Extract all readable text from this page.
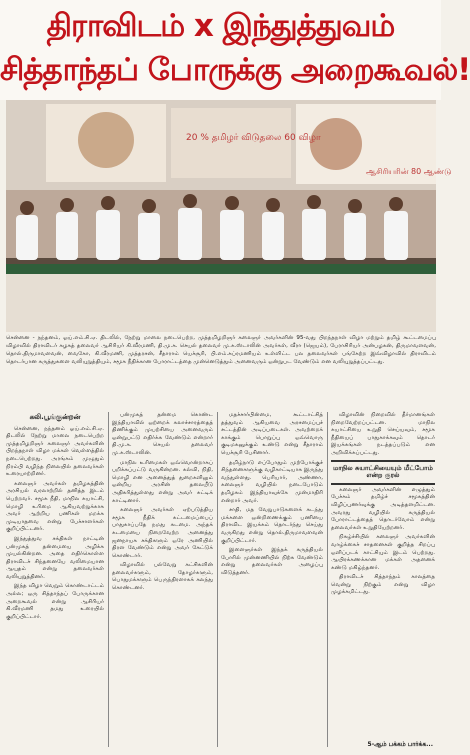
திராவிடம் x இந்துத்துவம்
சித்தாந்தப் போருக்கு அறைகூவல்!
20 % தமிழர் விடுதலை 60 விழா
ஆசிரியரின் 80 ஆண்டு
சென்னை - நந்தனம், ஓய்.எம்.சி.ஏ. திடலில், நேற்று மாலை நடைபெற்ற, முத்தமிழறிஞர் கலைஞர் அவர்களின் 95-வது பிறந்தநாள் விழா மற்றும் தமிழ் கூட்டமைப்பு விழாவில் திராவிடர் கழகத் தலைவர் ஆசிரியர் கி.வீரமணி, தி.மு.க. செயல் தலைவர் மு.க.ஸ்டாலின் அவர்கள், வீரா (ஜெயம்), பேராசிரியர் அன்பழகன், திருமாவளவன், தொல்.திருமாவளவன், வைகோ, கி.வீரமணி, முத்தரசன், சீதாராம் யெச்சூரி, பி.எம்.சுப்ரமணியம் உள்ளிட்ட பல தலைவர்கள் பங்கேற்ற இவ்விழாவில் திராவிடம் தொடர்பான கருத்துகளை வலியுறுத்தியும், சமூக நீதிக்கான போராட்டத்தை முன்னெடுத்தும் அனைவரும் ஒன்றுபட வேண்டும் என வலியுறுத்தப்பட்டது.
கலி.பூங்குன்றன்

சென்னை, நந்தனம் ஓய்.எம்.சி.ஏ. திடலில் நேற்று மாலை நடைபெற்ற முத்தமிழறிஞர் கலைஞர் அவர்களின் பிறந்தநாள் விழா மக்கள் வெள்ளத்தில் நடைபெற்றது. அரங்கம் முழுதும் நிரம்பி வழிந்த நிலையில் தலைவர்கள் உரையாற்றினர்.

கலைஞர் அவர்கள் தமிழகத்தின் அரசியல் வரலாற்றில் தனித்த இடம் பெற்றவர். சமூக நீதி, மாநில சுயாட்சி, மொழி உரிமை ஆகியவற்றுக்காக அவர் ஆற்றிய பணிகள் மறக்க முடியாதவை என்று பேச்சாளர்கள் குறிப்பிட்டனர்.

இந்துத்துவ சக்திகள் நாட்டின் பன்முகத் தன்மையை அழிக்க முயல்கின்றன. அதை எதிர்கொள்ள திராவிடச் சிந்தனையே வலிமையான ஆயுதம் என்று தலைவர்கள் வலியுறுத்தினர்.

இந்த விழா வெறும் கொண்டாட்டம் அல்ல; ஒரு சித்தாந்தப் போருக்கான அறைகூவல் என்று ஆசிரியர் கி.வீரமணி தமது உரையில் குறிப்பிட்டார்.

பன்முகத் தன்மை கொண்ட இந்தியாவில் ஒற்றைக் கலாச்சாரத்தைத் திணிக்கும் முயற்சியை அனைவரும் ஒன்றுபட்டு எதிர்க்க வேண்டும் என்றார் தி.மு.க. செயல் தலைவர் மு.க.ஸ்டாலின்.

மாநில உரிமைகள் ஒவ்வொன்றாகப் பறிக்கப்பட்டு வருகின்றன. கல்வி, நிதி, மொழி என அனைத்துத் துறைகளிலும் ஒன்றிய அரசின் தலையீடு அதிகரித்துள்ளது என்று அவர் சுட்டிக் காட்டினார்.

கலைஞர் அவர்கள் ஏற்படுத்திய சமூக நீதிக் கட்டமைப்பைப் பாதுகாப்பதே நமது கடமை. அந்தக் கடமையை நிறைவேற்ற அனைத்து ஜனநாயக சக்திகளும் ஒரே அணியில் திரள வேண்டும் என்று அவர் கேட்டுக் கொண்டார்.

விழாவில் பல்வேறு கட்சிகளின் தலைவர்களும், தோழர்களும், பொதுமக்களும் பெருந்திரளாகக் கலந்து கொண்டனர்.

மதச்சார்பின்மை, கூட்டாட்சித் தத்துவம் ஆகியவை அரசமைப்புச் சட்டத்தின் அடிப்படைகள். அவற்றைக் காக்கும் பொறுப்பு ஒவ்வொரு குடிமகனுக்கும் உண்டு என்று சீதாராம் யெச்சூரி பேசினார்.

தமிழ்நாடு எப்போதும் முற்போக்குச் சிந்தனைகளுக்கு வழிகாட்டியாக இருந்து வந்துள்ளது. பெரியார், அண்ணா, கலைஞர் வழியில் நடைபோடும் தமிழகம் இந்தியாவுக்கே முன்மாதிரி என்றார் அவர்.

சாதி, மத வேறுபாடுகளைக் கடந்து மக்களை ஒன்றிணைக்கும் பணியை திராவிட இயக்கம் தொடர்ந்து செய்து வருகிறது என்று தொல்.திருமாவளவன் குறிப்பிட்டார்.

இளைஞர்கள் இந்தக் கருத்தியல் போரில் முன்னணியில் நிற்க வேண்டும் என்று தலைவர்கள் அழைப்பு விடுத்தனர்.

விழாவின் நிறைவில் தீர்மானங்கள் நிறைவேற்றப்பட்டன. மாநில சுயாட்சியை உறுதி செய்யவும், சமூக நீதியைப் பாதுகாக்கவும் தொடர் இயக்கங்கள் நடத்தப்படும் என அறிவிக்கப்பட்டது.

மாநில சுயாட்சியையும் மீட்போம் என்ற குரல்

கலைஞர் அவர்களின் எழுத்தும் பேச்சும் தமிழ்ச் சமூகத்தின் விழிப்புணர்வுக்கு அடித்தளமிட்டன. அவரது வழியில் கருத்தியல் போராட்டத்தைத் தொடர்வோம் என்று தலைவர்கள் உறுதியேற்றனர்.

நிகழ்ச்சியில் கலைஞர் அவர்களின் வாழ்க்கைச் சாதனைகள் குறித்த சிறப்பு ஒளிப்படக் காட்சியும் இடம் பெற்றது. ஆயிரக்கணக்கான மக்கள் அதனைக் கண்டு மகிழ்ந்தனர்.

திராவிடச் சித்தாந்தம் காலத்தை வென்று நிற்கும் என்று விழா முழக்கமிட்டது.

5-ஆம் பக்கம் பார்க்க...
